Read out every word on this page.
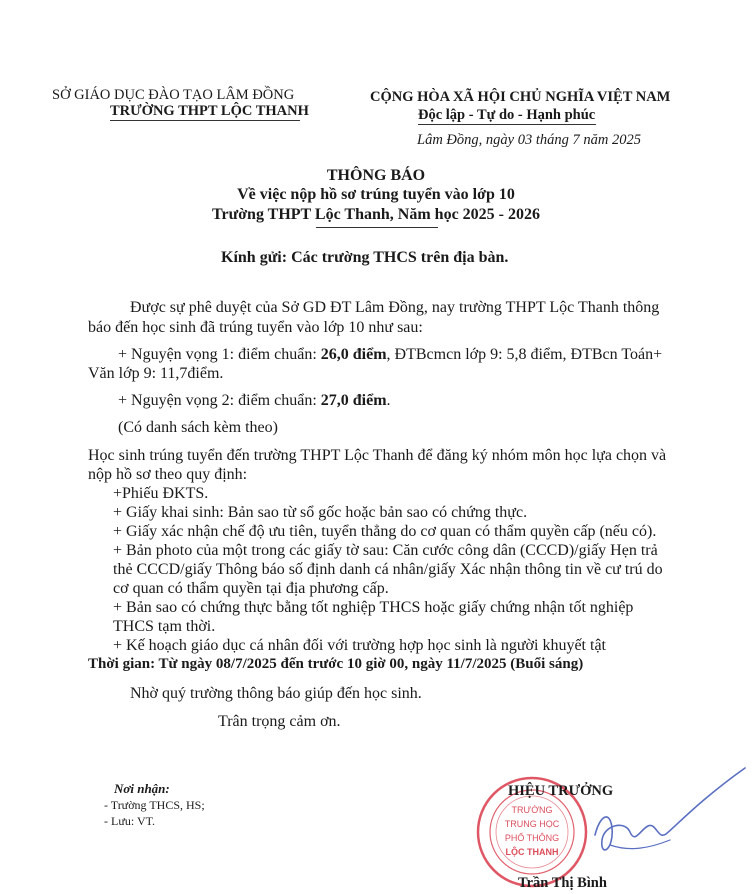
SỞ GIÁO DỤC ĐÀO TẠO LÂM ĐỒNG
TRƯỜNG THPT LỘC THANH
CỘNG HÒA XÃ HỘI CHỦ NGHĨA VIỆT NAM
Độc lập - Tự do - Hạnh phúc
Lâm Đồng, ngày 03 tháng 7 năm 2025
THÔNG BÁO
Về việc nộp hồ sơ trúng tuyển vào lớp 10
Trường THPT Lộc Thanh, Năm học 2025 - 2026
Kính gửi: Các trường THCS trên địa bàn.
Được sự phê duyệt của Sở GD ĐT Lâm Đồng, nay trường THPT Lộc Thanh thông
báo đến học sinh đã trúng tuyển vào lớp 10 như sau:
+ Nguyện vọng 1: điểm chuẩn: 26,0 điểm, ĐTBcmcn lớp 9: 5,8 điểm, ĐTBcn Toán+
Văn lớp 9: 11,7điểm.
+ Nguyện vọng 2: điểm chuẩn: 27,0 điểm.
(Có danh sách kèm theo)
Học sinh trúng tuyển đến trường THPT Lộc Thanh để đăng ký nhóm môn học lựa chọn và
nộp hồ sơ theo quy định:
+Phiếu ĐKTS.
+ Giấy khai sinh: Bản sao từ sổ gốc hoặc bản sao có chứng thực.
+ Giấy xác nhận chế độ ưu tiên, tuyển thẳng do cơ quan có thẩm quyền cấp (nếu có).
+ Bản photo của một trong các giấy tờ sau: Căn cước công dân (CCCD)/giấy Hẹn trả
thẻ CCCD/giấy Thông báo số định danh cá nhân/giấy Xác nhận thông tin về cư trú do
cơ quan có thẩm quyền tại địa phương cấp.
+ Bản sao có chứng thực bằng tốt nghiệp THCS hoặc giấy chứng nhận tốt nghiệp
THCS tạm thời.
+ Kế hoạch giáo dục cá nhân đối với trường hợp học sinh là người khuyết tật
Thời gian: Từ ngày 08/7/2025 đến trước 10 giờ 00, ngày 11/7/2025 (Buổi sáng)
Nhờ quý trường thông báo giúp đến học sinh.
Trân trọng cảm ơn.
Nơi nhận:
- Trường THCS, HS;
- Lưu: VT.
TRƯỜNG
TRUNG HỌC
PHỔ THÔNG
LỘC THANH
HIỆU TRƯỞNG
Trần Thị Bình
